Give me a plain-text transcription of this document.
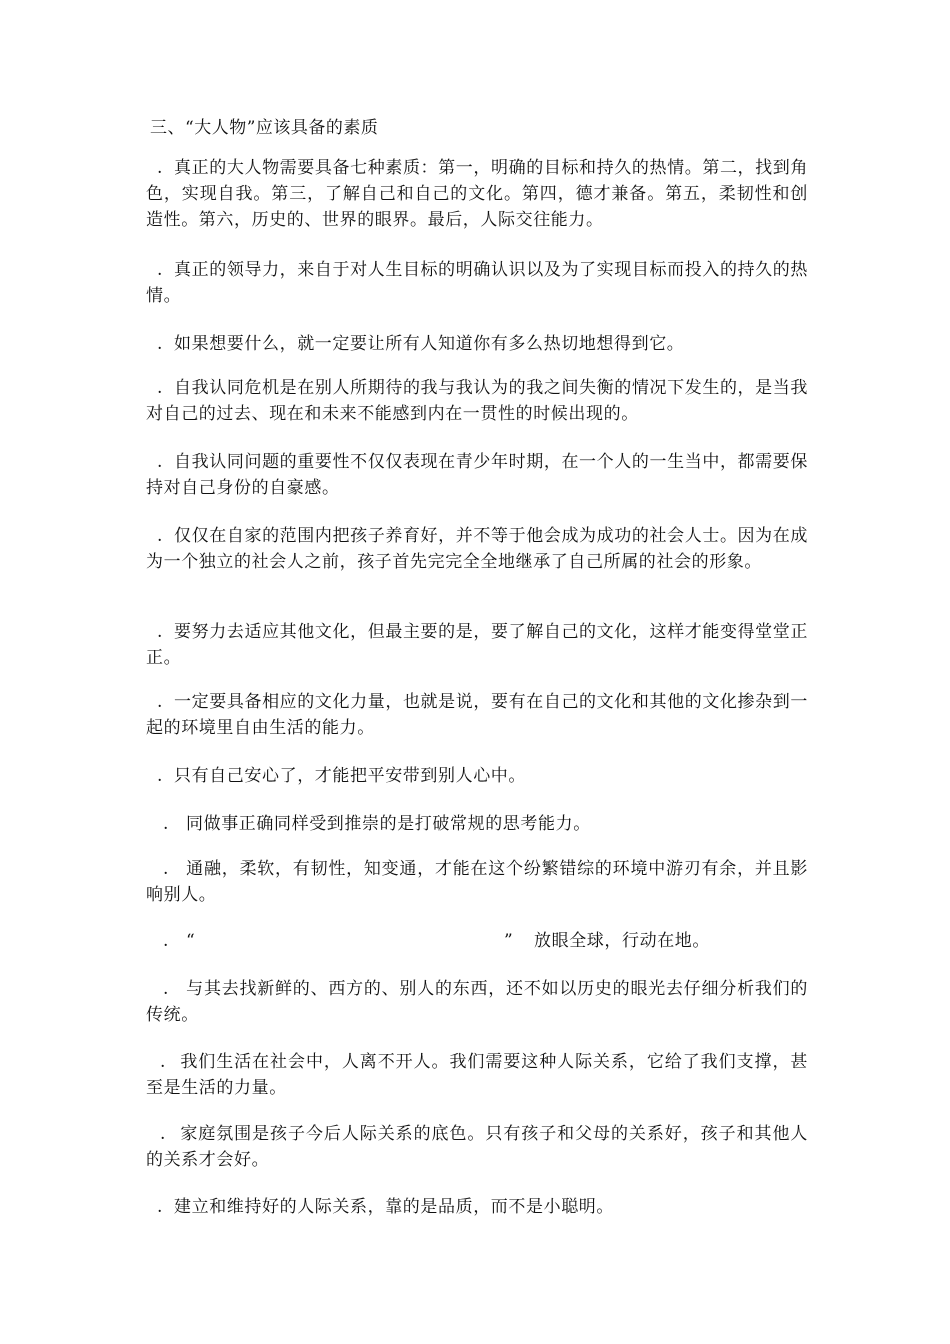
三、“大人物”应该具备的素质
. 真正的大人物需要具备七种素质：第一，明确的目标和持久的热情。第二，找到角色，实现自我。第三，了解自己和自己的文化。第四，德才兼备。第五，柔韧性和创造性。第六，历史的、世界的眼界。最后，人际交往能力。
. 真正的领导力，来自于对人生目标的明确认识以及为了实现目标而投入的持久的热情。
. 如果想要什么，就一定要让所有人知道你有多么热切地想得到它。
. 自我认同危机是在别人所期待的我与我认为的我之间失衡的情况下发生的，是当我对自己的过去、现在和未来不能感到内在一贯性的时候出现的。
. 自我认同问题的重要性不仅仅表现在青少年时期，在一个人的一生当中，都需要保持对自己身份的自豪感。
. 仅仅在自家的范围内把孩子养育好，并不等于他会成为成功的社会人士。因为在成为一个独立的社会人之前，孩子首先完完全全地继承了自己所属的社会的形象。
. 要努力去适应其他文化，但最主要的是，要了解自己的文化，这样才能变得堂堂正正。
. 一定要具备相应的文化力量，也就是说，要有在自己的文化和其他的文化掺杂到一起的环境里自由生活的能力。
. 只有自己安心了，才能把平安带到别人心中。
. 同做事正确同样受到推崇的是打破常规的思考能力。
. 通融，柔软，有韧性，知变通，才能在这个纷繁错综的环境中游刃有余，并且影响别人。
. “	” 放眼全球，行动在地。
. 与其去找新鲜的、西方的、别人的东西，还不如以历史的眼光去仔细分析我们的传统。
. 我们生活在社会中，人离不开人。我们需要这种人际关系，它给了我们支撑，甚至是生活的力量。
. 家庭氛围是孩子今后人际关系的底色。只有孩子和父母的关系好，孩子和其他人的关系才会好。
. 建立和维持好的人际关系，靠的是品质，而不是小聪明。
